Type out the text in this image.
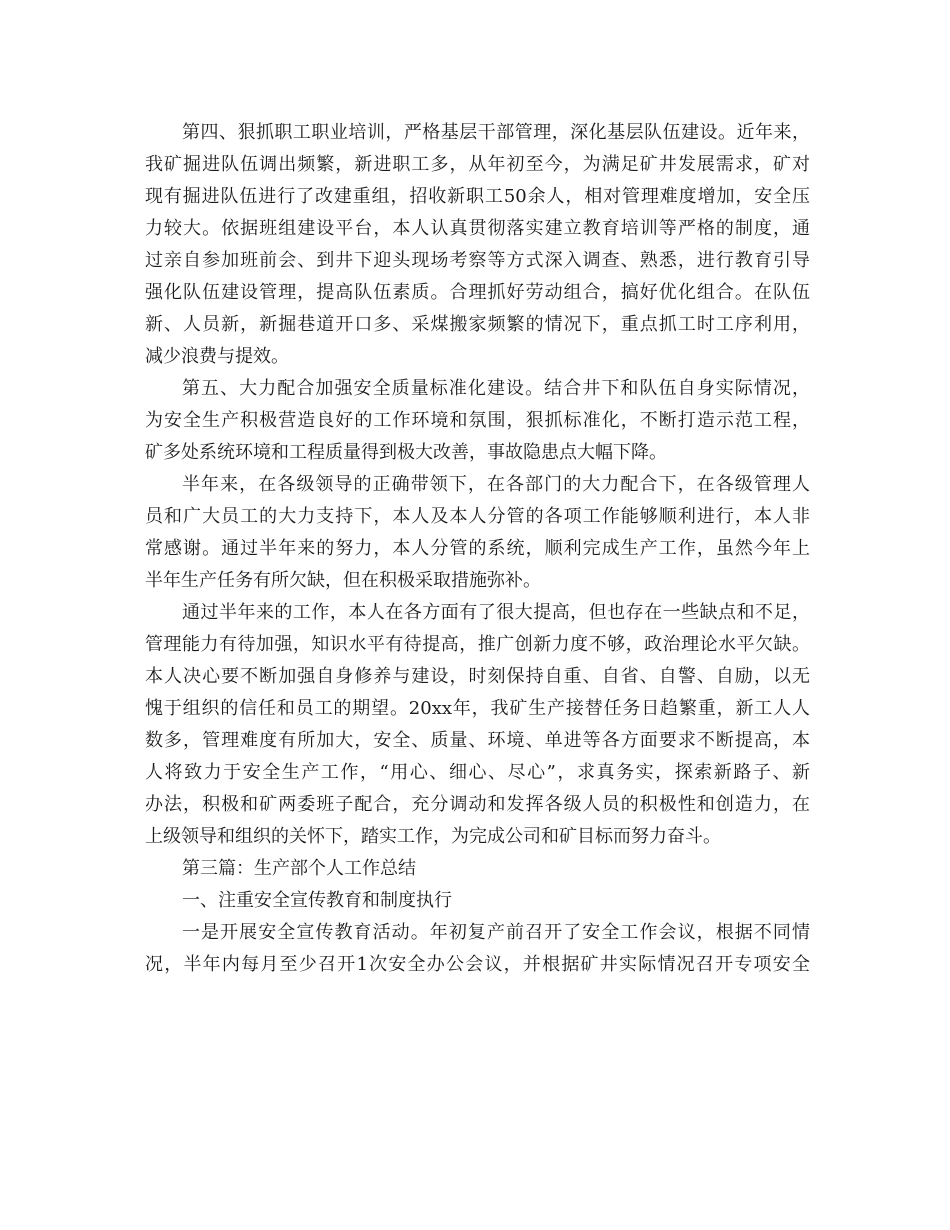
第四、狠抓职工职业培训，严格基层干部管理，深化基层队伍建设。近年来，
我矿掘进队伍调出频繁，新进职工多，从年初至今，为满足矿井发展需求，矿对
现有掘进队伍进行了改建重组，招收新职工50余人，相对管理难度增加，安全压
力较大。依据班组建设平台，本人认真贯彻落实建立教育培训等严格的制度，通
过亲自参加班前会、到井下迎头现场考察等方式深入调查、熟悉，进行教育引导
强化队伍建设管理，提高队伍素质。合理抓好劳动组合，搞好优化组合。在队伍
新、人员新，新掘巷道开口多、采煤搬家频繁的情况下，重点抓工时工序利用，
减少浪费与提效。
第五、大力配合加强安全质量标准化建设。结合井下和队伍自身实际情况，
为安全生产积极营造良好的工作环境和氛围，狠抓标准化，不断打造示范工程，
矿多处系统环境和工程质量得到极大改善，事故隐患点大幅下降。
半年来，在各级领导的正确带领下，在各部门的大力配合下，在各级管理人
员和广大员工的大力支持下，本人及本人分管的各项工作能够顺利进行，本人非
常感谢。通过半年来的努力，本人分管的系统，顺利完成生产工作，虽然今年上
半年生产任务有所欠缺，但在积极采取措施弥补。
通过半年来的工作，本人在各方面有了很大提高，但也存在一些缺点和不足，
管理能力有待加强，知识水平有待提高，推广创新力度不够，政治理论水平欠缺。
本人决心要不断加强自身修养与建设，时刻保持自重、自省、自警、自励，以无
愧于组织的信任和员工的期望。20xx年，我矿生产接替任务日趋繁重，新工人人
数多，管理难度有所加大，安全、质量、环境、单进等各方面要求不断提高，本
人将致力于安全生产工作，“用心、细心、尽心”，求真务实，探索新路子、新
办法，积极和矿两委班子配合，充分调动和发挥各级人员的积极性和创造力，在
上级领导和组织的关怀下，踏实工作，为完成公司和矿目标而努力奋斗。
第三篇：生产部个人工作总结
一、注重安全宣传教育和制度执行
一是开展安全宣传教育活动。年初复产前召开了安全工作会议，根据不同情
况，半年内每月至少召开1次安全办公会议，并根据矿井实际情况召开专项安全
